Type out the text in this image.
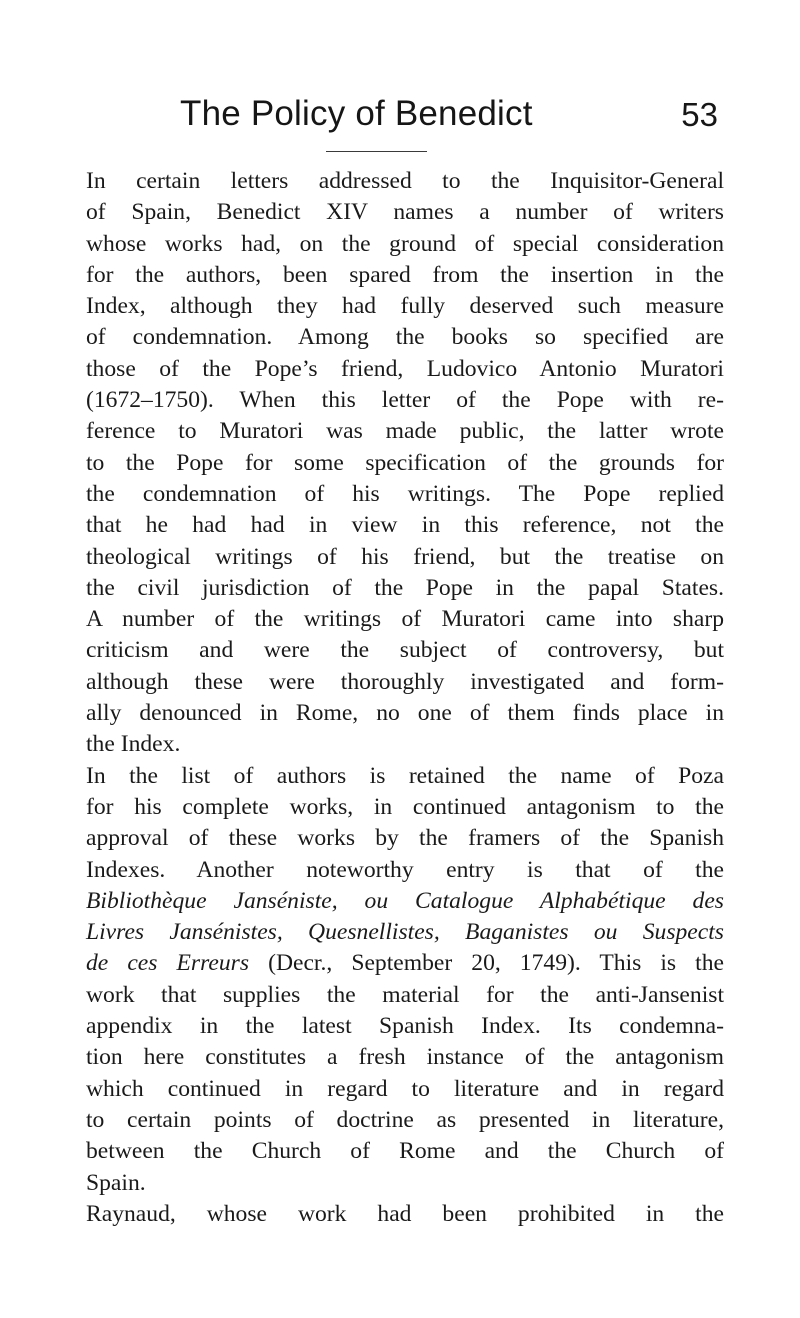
The Policy of Benedict	53
In certain letters addressed to the Inquisitor-General
of Spain, Benedict XIV names a number of writers
whose works had, on the ground of special consideration
for the authors, been spared from the insertion in the
Index, although they had fully deserved such measure
of condemnation. Among the books so specified are
those of the Pope’s friend, Ludovico Antonio Muratori
(1672–1750). When this letter of the Pope with re-
ference to Muratori was made public, the latter wrote
to the Pope for some specification of the grounds for
the condemnation of his writings. The Pope replied
that he had had in view in this reference, not the
theological writings of his friend, but the treatise on
the civil jurisdiction of the Pope in the papal States.
A number of the writings of Muratori came into sharp
criticism and were the subject of controversy, but
although these were thoroughly investigated and form-
ally denounced in Rome, no one of them finds place in
the Index.
In the list of authors is retained the name of Poza
for his complete works, in continued antagonism to the
approval of these works by the framers of the Spanish
Indexes. Another noteworthy entry is that of the
Bibliothèque Janséniste, ou Catalogue Alphabétique des
Livres Jansénistes, Quesnellistes, Baganistes ou Suspects
de ces Erreurs (Decr., September 20, 1749). This is the
work that supplies the material for the anti-Jansenist
appendix in the latest Spanish Index. Its condemna-
tion here constitutes a fresh instance of the antagonism
which continued in regard to literature and in regard
to certain points of doctrine as presented in literature,
between the Church of Rome and the Church of
Spain.
Raynaud, whose work had been prohibited in the
